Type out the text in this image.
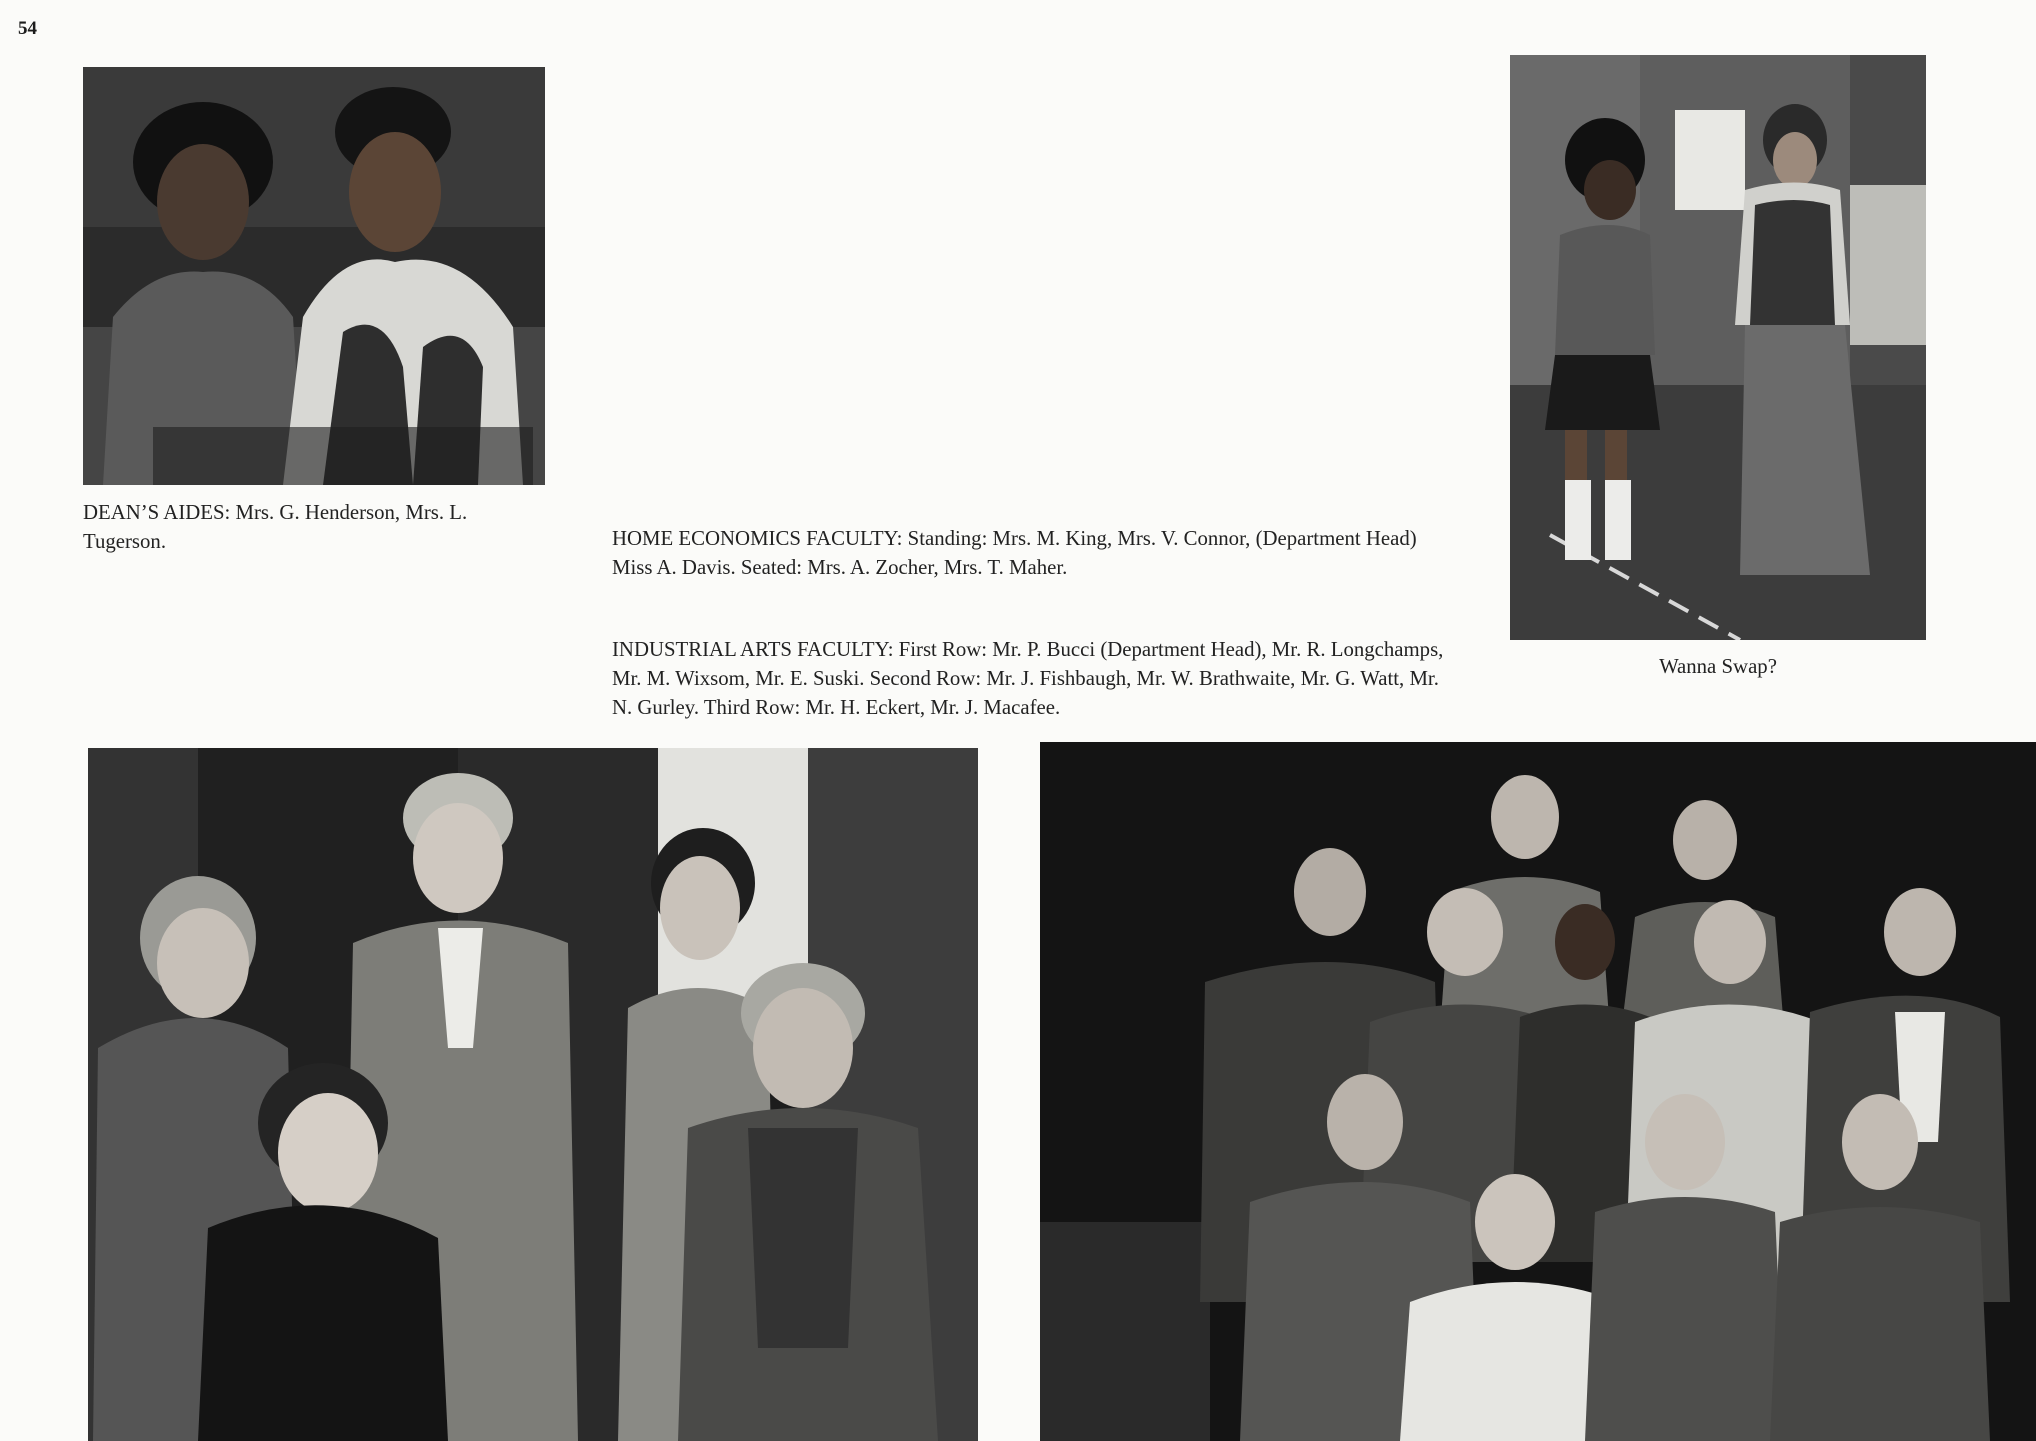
54
DEAN’S AIDES: Mrs. G. Henderson, Mrs. L. Tugerson.	HOME ECONOMICS FACULTY: Standing: Mrs. M. King, Mrs. V. Connor, (Department Head) Miss A. Davis. Seated: Mrs. A. Zocher, Mrs. T. Maher.
INDUSTRIAL ARTS FACULTY: First Row: Mr. P. Bucci (Department Head), Mr. R. Longchamps, Mr. M. Wixsom, Mr. E. Suski. Second Row: Mr. J. Fishbaugh, Mr. W. Brathwaite, Mr. G. Watt, Mr. N. Gurley. Third Row: Mr. H. Eckert, Mr. J. Macafee.
Wanna Swap?
